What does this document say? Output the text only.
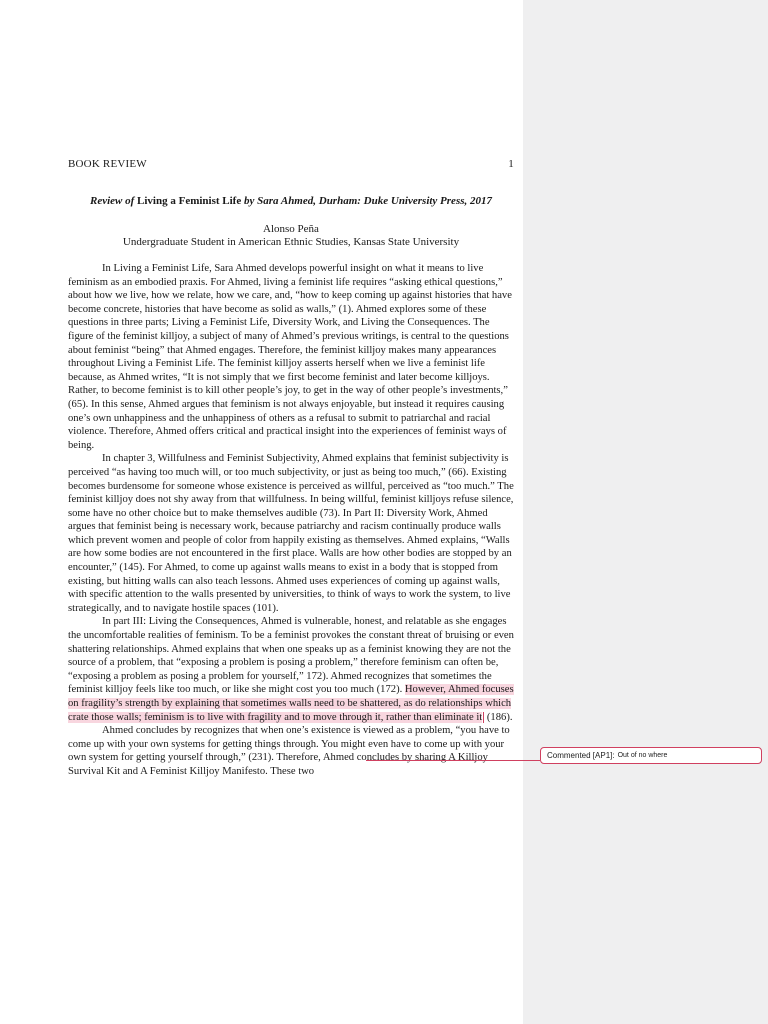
BOOK REVIEW	1
Review of Living a Feminist Life by Sara Ahmed, Durham: Duke University Press, 2017
Alonso Peña
Undergraduate Student in American Ethnic Studies, Kansas State University

In Living a Feminist Life, Sara Ahmed develops powerful insight on what it means to live feminism as an embodied praxis. For Ahmed, living a feminist life requires “asking ethical questions,” about how we live, how we relate, how we care, and, “how to keep coming up against histories that have become concrete, histories that have become as solid as walls,” (1). Ahmed explores some of these questions in three parts; Living a Feminist Life, Diversity Work, and Living the Consequences. The figure of the feminist killjoy, a subject of many of Ahmed’s previous writings, is central to the questions about feminist “being” that Ahmed engages. Therefore, the feminist killjoy makes many appearances throughout Living a Feminist Life. The feminist killjoy asserts herself when we live a feminist life because, as Ahmed writes, “It is not simply that we first become feminist and later become killjoys. Rather, to become feminist is to kill other people’s joy, to get in the way of other people’s investments,” (65). In this sense, Ahmed argues that feminism is not always enjoyable, but instead it requires causing one’s own unhappiness and the unhappiness of others as a refusal to submit to patriarchal and racial violence. Therefore, Ahmed offers critical and practical insight into the experiences of feminist ways of being.

In chapter 3, Willfulness and Feminist Subjectivity, Ahmed explains that feminist subjectivity is perceived “as having too much will, or too much subjectivity, or just as being too much,” (66). Existing becomes burdensome for someone whose existence is perceived as willful, perceived as “too much.” The feminist killjoy does not shy away from that willfulness. In being willful, feminist killjoys refuse silence, some have no other choice but to make themselves audible (73). In Part II: Diversity Work, Ahmed argues that feminist being is necessary work, because patriarchy and racism continually produce walls which prevent women and people of color from happily existing as themselves. Ahmed explains, “Walls are how some bodies are not encountered in the first place. Walls are how other bodies are stopped by an encounter,” (145). For Ahmed, to come up against walls means to exist in a body that is stopped from existing, but hitting walls can also teach lessons. Ahmed uses experiences of coming up against walls, with specific attention to the walls presented by universities, to think of ways to work the system, to live strategically, and to navigate hostile spaces (101).

In part III: Living the Consequences, Ahmed is vulnerable, honest, and relatable as she engages the uncomfortable realities of feminism. To be a feminist provokes the constant threat of bruising or even shattering relationships. Ahmed explains that when one speaks up as a feminist knowing they are not the source of a problem, that “exposing a problem is posing a problem,” therefore feminism can often be, “exposing a problem as posing a problem for yourself,” 172). Ahmed recognizes that sometimes the feminist killjoy feels like too much, or like she might cost you too much (172). However, Ahmed focuses on fragility’s strength by explaining that sometimes walls need to be shattered, as do relationships which crate those walls; feminism is to live with fragility and to move through it, rather than eliminate it (186).

Ahmed concludes by recognizes that when one’s existence is viewed as a problem, “you have to come up with your own systems for getting things through. You might even have to come up with your own system for getting yourself through,” (231). Therefore, Ahmed concludes by sharing A Killjoy Survival Kit and A Feminist Killjoy Manifesto. These two

Commented [AP1]: Out of no where
